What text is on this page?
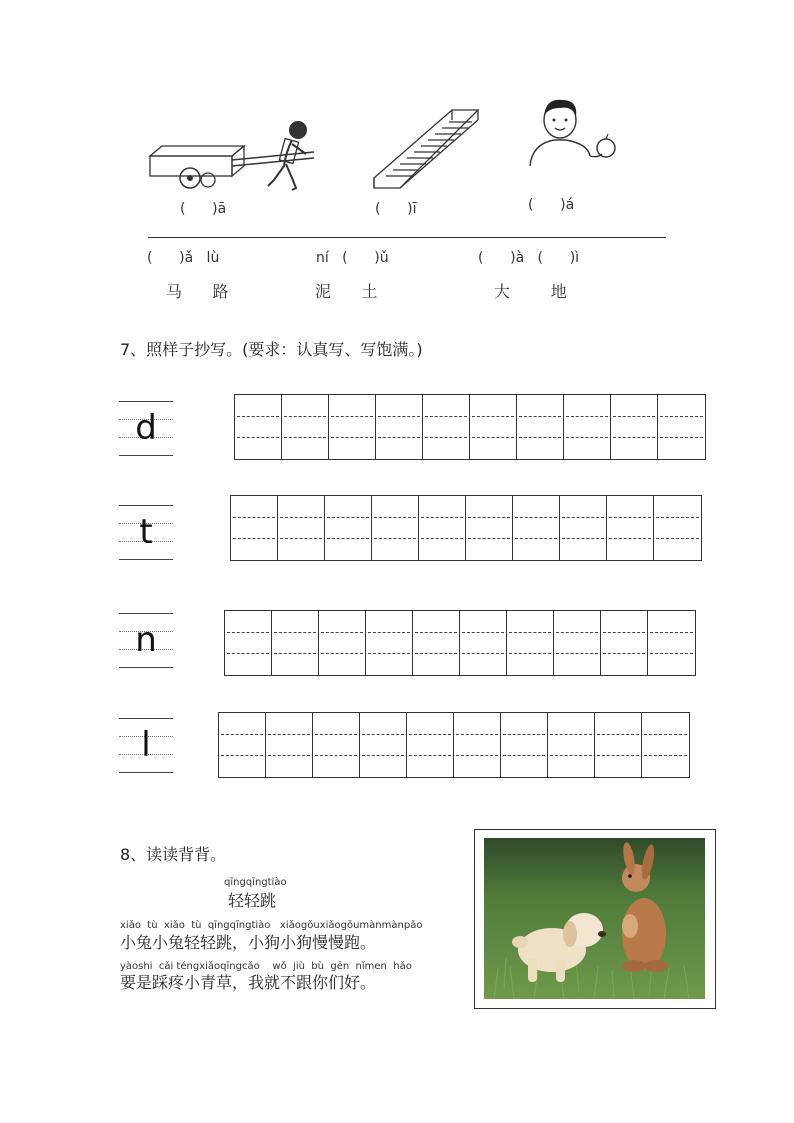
(      )ā	(      )ī	(      )á
(      )ǎ   lù
马      路
ní   (      )ǔ
泥      土
(      )à   (      )ì
大        地
7、照样子抄写。(要求：认真写、写饱满。)
d
t
n
l
8、读读背背。
qīngqīngtiào
轻轻跳
xiǎo  tù  xiǎo  tù  qīngqīngtiào   xiǎogǒuxiǎogǒumànmànpǎo
小兔小兔轻轻跳，小狗小狗慢慢跑。
yàoshi  cǎi téngxiǎoqīngcǎo    wǒ  jiù  bù  gēn  nǐmen  hǎo
要是踩疼小青草，我就不跟你们好。
